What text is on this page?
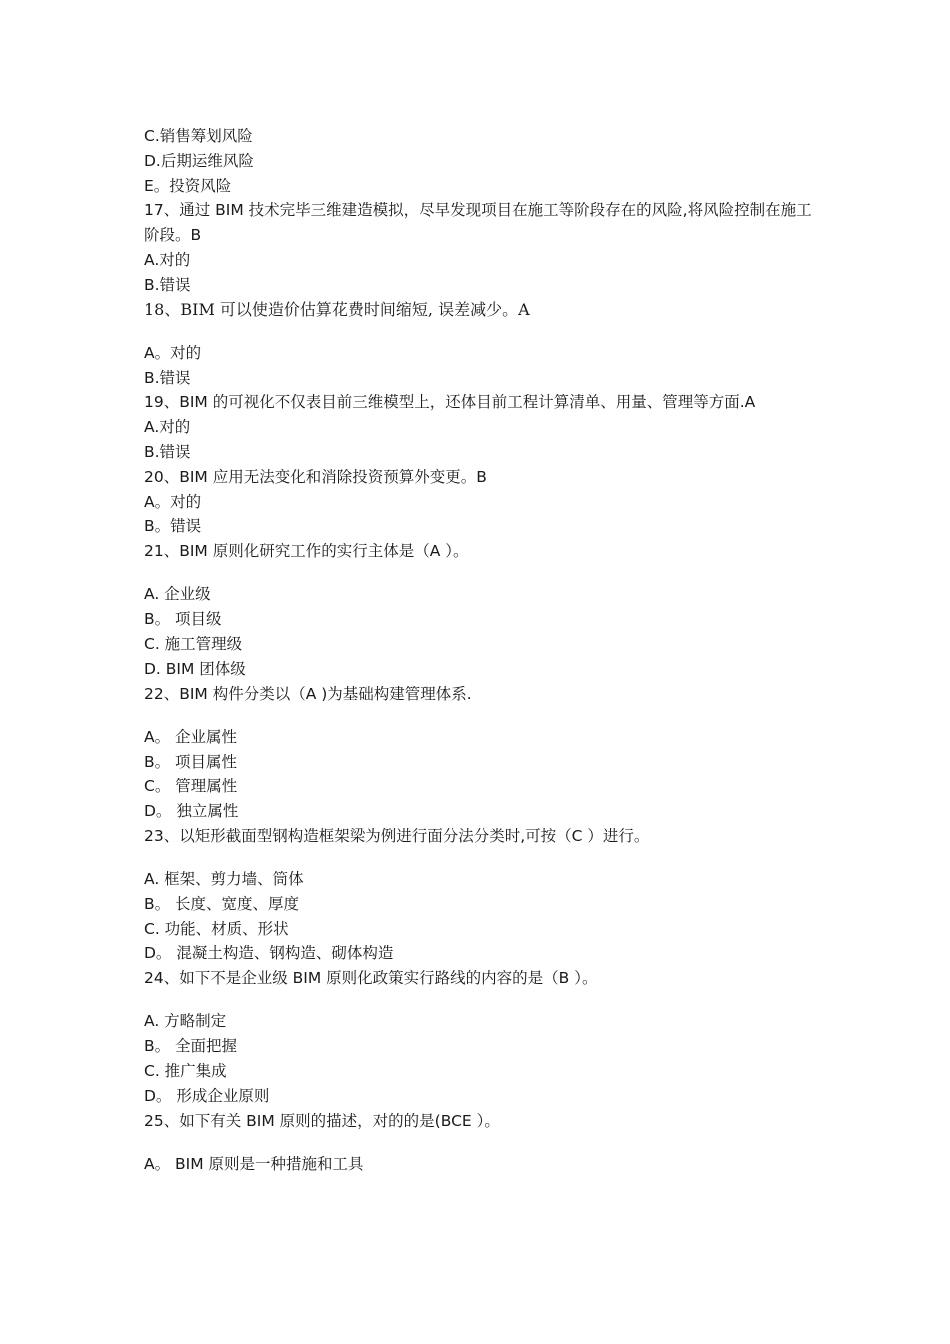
C.销售筹划风险
D.后期运维风险
E。投资风险
17、通过 BIM 技术完毕三维建造模拟，尽早发现项目在施工等阶段存在的风险,将风险控制在施工阶段。B
A.对的
B.错误
18、BIM 可以使造价估算花费时间缩短, 误差减少。A
A。对的
B.错误
19、BIM 的可视化不仅表目前三维模型上，还体目前工程计算清单、用量、管理等方面.A
A.对的
B.错误
20、BIM 应用无法变化和消除投资预算外变更。B
A。对的
B。错误
21、BIM 原则化研究工作的实行主体是（A ）。
A. 企业级
B。 项目级
C. 施工管理级
D. BIM 团体级
22、BIM 构件分类以（A )为基础构建管理体系.
A。 企业属性
B。 项目属性
C。 管理属性
D。 独立属性
23、以矩形截面型钢构造框架梁为例进行面分法分类时,可按（C ）进行。
A. 框架、剪力墙、筒体
B。 长度、宽度、厚度
C. 功能、材质、形状
D。 混凝土构造、钢构造、砌体构造
24、如下不是企业级 BIM 原则化政策实行路线的内容的是（B ）。
A. 方略制定
B。 全面把握
C. 推广集成
D。 形成企业原则
25、如下有关 BIM 原则的描述，对的的是(BCE ）。
A。 BIM 原则是一种措施和工具
